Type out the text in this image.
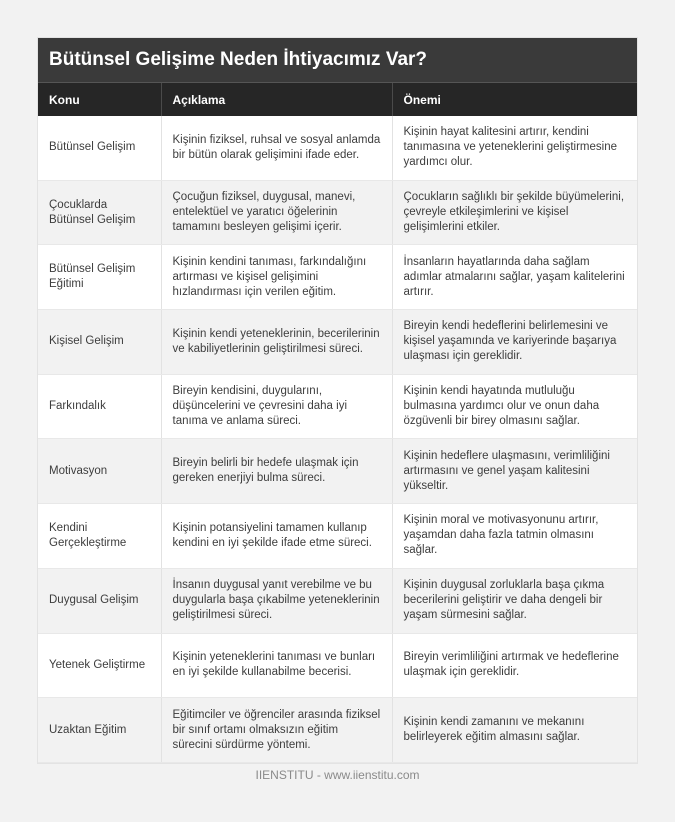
Bütünsel Gelişime Neden İhtiyacımız Var?
Konu	Açıklama	Önemi
Bütünsel Gelişim	Kişinin fiziksel, ruhsal ve sosyal anlamda bir bütün olarak gelişimini ifade eder.	Kişinin hayat kalitesini artırır, kendini tanımasına ve yeteneklerini geliştirmesine yardımcı olur.
Çocuklarda Bütünsel Gelişim	Çocuğun fiziksel, duygusal, manevi, entelektüel ve yaratıcı öğelerinin tamamını besleyen gelişimi içerir.	Çocukların sağlıklı bir şekilde büyümelerini, çevreyle etkileşimlerini ve kişisel gelişimlerini etkiler.
Bütünsel Gelişim Eğitimi	Kişinin kendini tanıması, farkındalığını artırması ve kişisel gelişimini hızlandırması için verilen eğitim.	İnsanların hayatlarında daha sağlam adımlar atmalarını sağlar, yaşam kalitelerini artırır.
Kişisel Gelişim	Kişinin kendi yeteneklerinin, becerilerinin ve kabiliyetlerinin geliştirilmesi süreci.	Bireyin kendi hedeflerini belirlemesini ve kişisel yaşamında ve kariyerinde başarıya ulaşması için gereklidir.
Farkındalık	Bireyin kendisini, duygularını, düşüncelerini ve çevresini daha iyi tanıma ve anlama süreci.	Kişinin kendi hayatında mutluluğu bulmasına yardımcı olur ve onun daha özgüvenli bir birey olmasını sağlar.
Motivasyon	Bireyin belirli bir hedefe ulaşmak için gereken enerjiyi bulma süreci.	Kişinin hedeflere ulaşmasını, verimliliğini artırmasını ve genel yaşam kalitesini yükseltir.
Kendini Gerçekleştirme	Kişinin potansiyelini tamamen kullanıp kendini en iyi şekilde ifade etme süreci.	Kişinin moral ve motivasyonunu artırır, yaşamdan daha fazla tatmin olmasını sağlar.
Duygusal Gelişim	İnsanın duygusal yanıt verebilme ve bu duygularla başa çıkabilme yeteneklerinin geliştirilmesi süreci.	Kişinin duygusal zorluklarla başa çıkma becerilerini geliştirir ve daha dengeli bir yaşam sürmesini sağlar.
Yetenek Geliştirme	Kişinin yeteneklerini tanıması ve bunları en iyi şekilde kullanabilme becerisi.	Bireyin verimliliğini artırmak ve hedeflerine ulaşmak için gereklidir.
Uzaktan Eğitim	Eğitimciler ve öğrenciler arasında fiziksel bir sınıf ortamı olmaksızın eğitim sürecini sürdürme yöntemi.	Kişinin kendi zamanını ve mekanını belirleyerek eğitim almasını sağlar.
IIENSTITU - www.iienstitu.com
